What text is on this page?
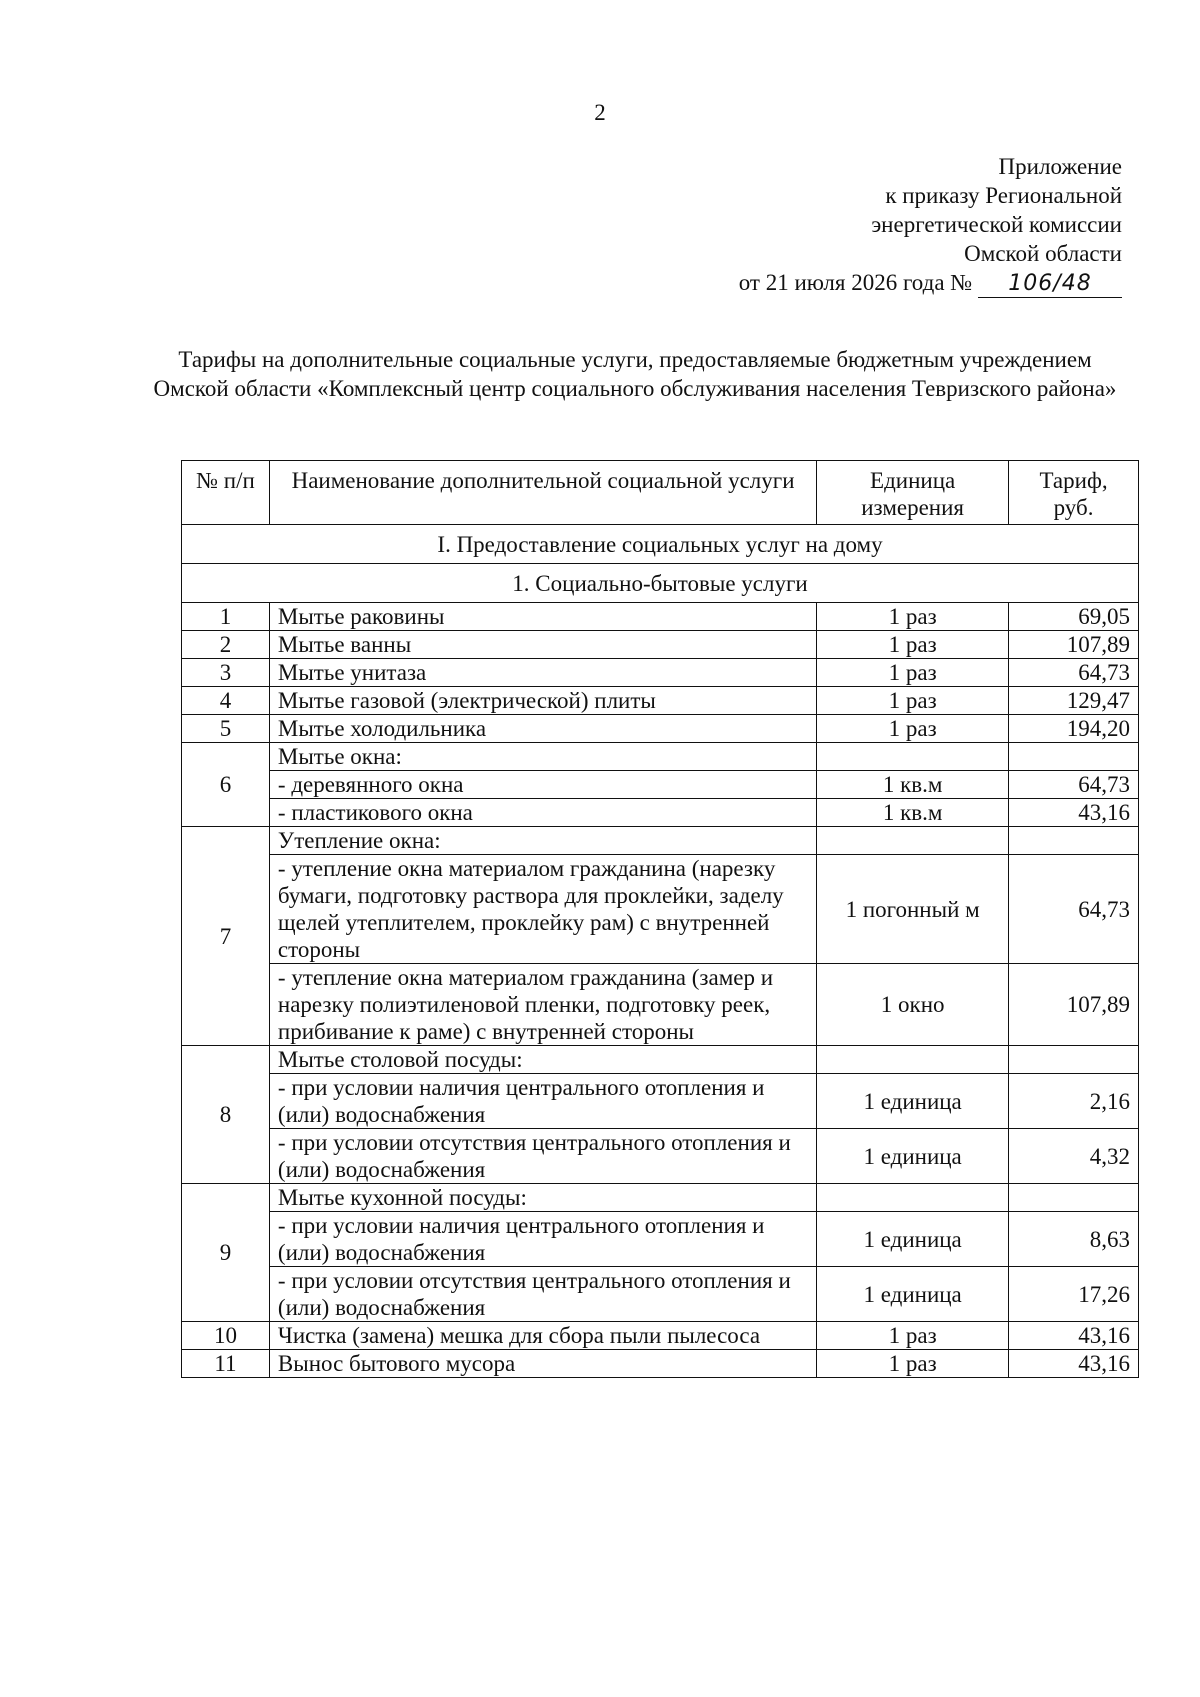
2
Приложение
к приказу Региональной
энергетической комиссии
Омской области
от 21 июля 2026 года № 106/48
Тарифы на дополнительные социальные услуги, предоставляемые бюджетным учреждением Омской области «Комплексный центр социального обслуживания населения Тевризского района»
№ п/п	Наименование дополнительной социальной услуги	Единица измерения	Тариф, руб.
I. Предоставление социальных услуг на дому			
1. Социально-бытовые услуги			
1	Мытье раковины	1 раз	69,05
2	Мытье ванны	1 раз	107,89
3	Мытье унитаза	1 раз	64,73
4	Мытье газовой (электрической) плиты	1 раз	129,47
5	Мытье холодильника	1 раз	194,20
6	Мытье окна:		
	- деревянного окна	1 кв.м	64,73
	- пластикового окна	1 кв.м	43,16
7	Утепление окна:		
	- утепление окна материалом гражданина (нарезку бумаги, подготовку раствора для проклейки, заделу щелей утеплителем, проклейку рам) с внутренней стороны	1 погонный м	64,73
	- утепление окна материалом гражданина (замер и нарезку полиэтиленовой пленки, подготовку реек, прибивание к раме) с внутренней стороны	1 окно	107,89
8	Мытье столовой посуды:		
	- при условии наличия центрального отопления и (или) водоснабжения	1 единица	2,16
	- при условии отсутствия центрального отопления и (или) водоснабжения	1 единица	4,32
9	Мытье кухонной посуды:		
	- при условии наличия центрального отопления и (или) водоснабжения	1 единица	8,63
	- при условии отсутствия центрального отопления и (или) водоснабжения	1 единица	17,26
10	Чистка (замена) мешка для сбора пыли пылесоса	1 раз	43,16
11	Вынос бытового мусора	1 раз	43,16
